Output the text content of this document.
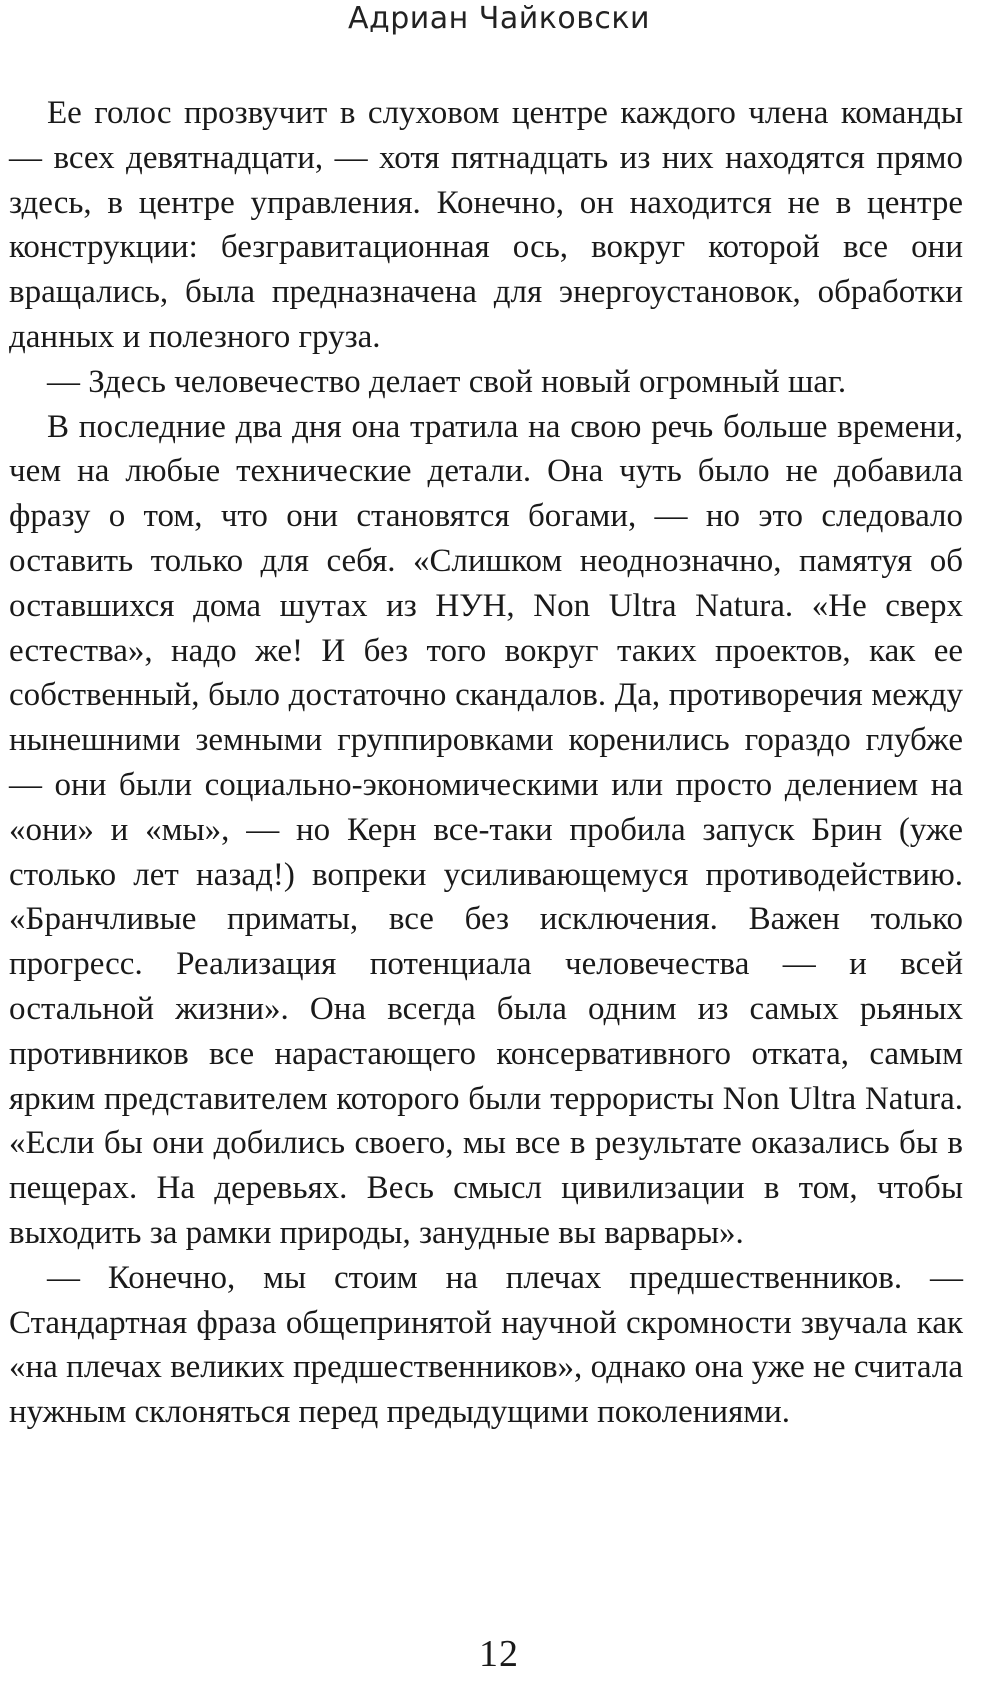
Адриан Чайковски

Ее голос прозвучит в слуховом центре каждого члена команды — всех девятнадцати, — хотя пятнадцать из них находятся прямо здесь, в центре управления. Конечно, он находится не в центре конструкции: безгравитационная ось, вокруг которой все они вращались, была предназначена для энергоустановок, обработки данных и полезного груза.

— Здесь человечество делает свой новый огромный шаг.

В последние два дня она тратила на свою речь больше времени, чем на любые технические детали. Она чуть было не добавила фразу о том, что они становятся богами, — но это следовало оставить только для себя. «Слишком неоднозначно, памятуя об оставшихся дома шутах из НУН, Non Ultra Natura. «Не сверх естества», надо же! И без того вокруг таких проектов, как ее собственный, было достаточно скандалов. Да, противоречия между нынешними земными группировками коренились гораздо глубже — они были социально-экономическими или просто делением на «они» и «мы», — но Керн все-таки пробила запуск Брин (уже столько лет назад!) вопреки усиливающемуся противодействию. «Бранчливые приматы, все без исключения. Важен только прогресс. Реализация потенциала человечества — и всей остальной жизни». Она всегда была одним из самых рьяных противников все нарастающего консервативного отката, самым ярким представителем которого были террористы Non Ultra Natura. «Если бы они добились своего, мы все в результате оказались бы в пещерах. На деревьях. Весь смысл цивилизации в том, чтобы выходить за рамки природы, занудные вы варвары».

— Конечно, мы стоим на плечах предшественников. — Стандартная фраза общепринятой научной скромности звучала как «на плечах великих предшественников», однако она уже не считала нужным склоняться перед предыдущими поколениями.

12
